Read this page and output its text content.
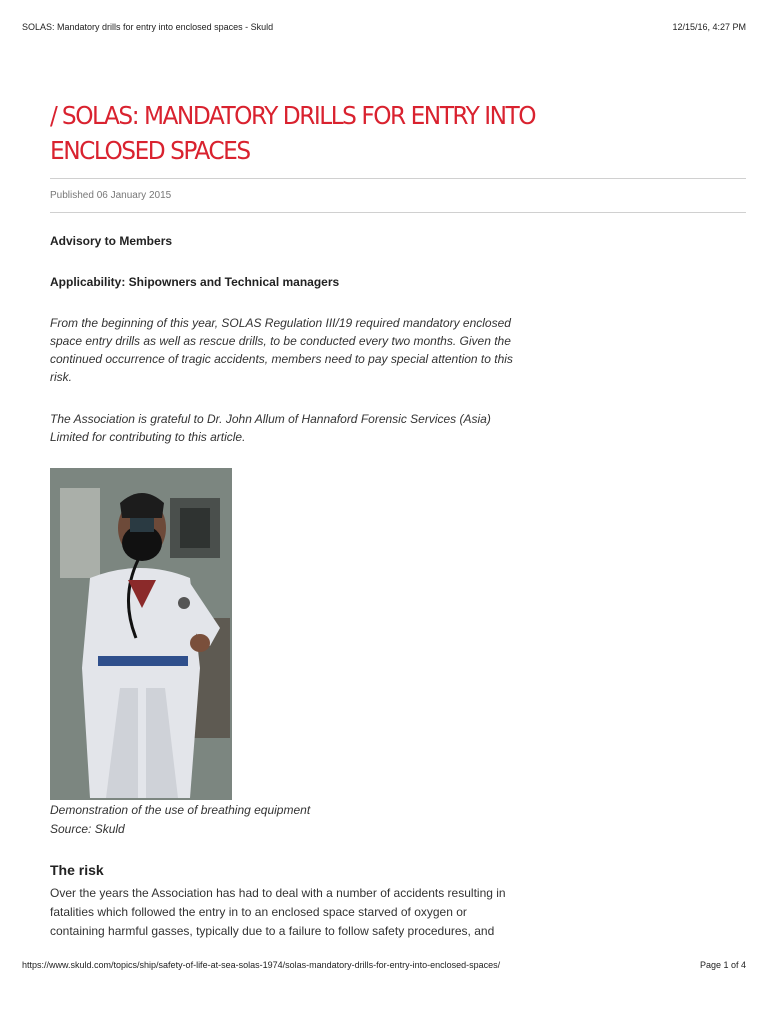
SOLAS: Mandatory drills for entry into enclosed spaces - Skuld	12/15/16, 4:27 PM
/ SOLAS: MANDATORY DRILLS FOR ENTRY INTO
ENCLOSED SPACES
Published 06 January 2015
Advisory to Members
Applicability: Shipowners and Technical managers

From the beginning of this year, SOLAS Regulation III/19 required mandatory enclosed space entry drills as well as rescue drills, to be conducted every two months. Given the continued occurrence of tragic accidents, members need to pay special attention to this risk.

The Association is grateful to Dr. John Allum of Hannaford Forensic Services (Asia) Limited for contributing to this article.

Demonstration of the use of breathing equipment
Source: Skuld
The risk

Over the years the Association has had to deal with a number of accidents resulting in fatalities which followed the entry in to an enclosed space starved of oxygen or containing harmful gasses, typically due to a failure to follow safety procedures, and

https://www.skuld.com/topics/ship/safety-of-life-at-sea-solas-1974/solas-mandatory-drills-for-entry-into-enclosed-spaces/	Page 1 of 4
